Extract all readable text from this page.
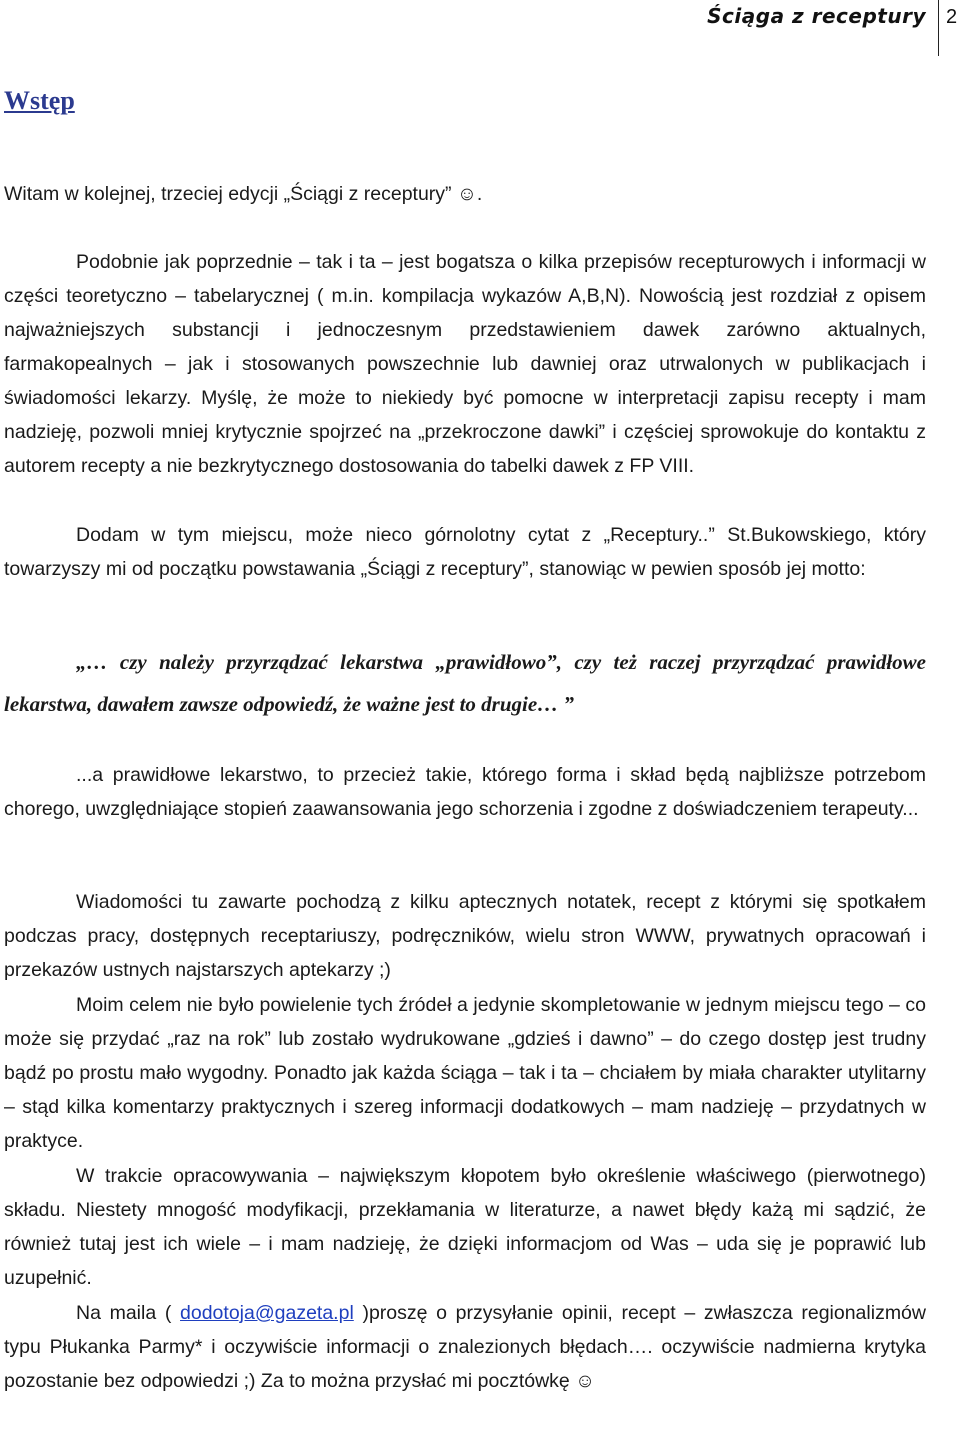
Ściąga z receptury 2
Wstęp

Witam w kolejnej, trzeciej edycji „Ściągi z receptury” ☺.

Podobnie jak poprzednie – tak i ta – jest bogatsza o kilka przepisów recepturowych i informacji w części teoretyczno – tabelarycznej ( m.in. kompilacja wykazów A,B,N). Nowością jest rozdział z opisem najważniejszych substancji i jednoczesnym przedstawieniem dawek zarówno aktualnych, farmakopealnych – jak i stosowanych powszechnie lub dawniej oraz utrwalonych w publikacjach i świadomości lekarzy. Myślę, że może to niekiedy być pomocne w interpretacji zapisu recepty i mam nadzieję, pozwoli mniej krytycznie spojrzeć na „przekroczone dawki” i częściej sprowokuje do kontaktu z autorem recepty a nie bezkrytycznego dostosowania do tabelki dawek z FP VIII.

Dodam w tym miejscu, może nieco górnolotny cytat z „Receptury..” St.Bukowskiego, który towarzyszy mi od początku powstawania „Ściągi z receptury”, stanowiąc w pewien sposób jej motto:

„… czy należy przyrządzać lekarstwa „prawidłowo”, czy też raczej przyrządzać prawidłowe lekarstwa, dawałem zawsze odpowiedź, że ważne jest to drugie… ”

...a prawidłowe lekarstwo, to przecież takie, którego forma i skład będą najbliższe potrzebom chorego, uwzględniające stopień zaawansowania jego schorzenia i zgodne z doświadczeniem terapeuty...

Wiadomości tu zawarte pochodzą z kilku aptecznych notatek, recept z którymi się spotkałem podczas pracy, dostępnych receptariuszy, podręczników, wielu stron WWW, prywatnych opracowań i przekazów ustnych najstarszych aptekarzy ;)

Moim celem nie było powielenie tych źródeł a jedynie skompletowanie w jednym miejscu tego – co może się przydać „raz na rok” lub zostało wydrukowane „gdzieś i dawno” – do czego dostęp jest trudny bądź po prostu mało wygodny. Ponadto jak każda ściąga – tak i ta – chciałem by miała charakter utylitarny – stąd kilka komentarzy praktycznych i szereg informacji dodatkowych – mam nadzieję – przydatnych w praktyce.

W trakcie opracowywania – największym kłopotem było określenie właściwego (pierwotnego) składu. Niestety mnogość modyfikacji, przekłamania w literaturze, a nawet błędy każą mi sądzić, że również tutaj jest ich wiele – i mam nadzieję, że dzięki informacjom od Was – uda się je poprawić lub uzupełnić.

Na maila ( dodotoja@gazeta.pl )proszę o przysyłanie opinii, recept – zwłaszcza regionalizmów typu Płukanka Parmy* i oczywiście informacji o znalezionych błędach…. oczywiście nadmierna krytyka pozostanie bez odpowiedzi ;) Za to można przysłać mi pocztówkę ☺
